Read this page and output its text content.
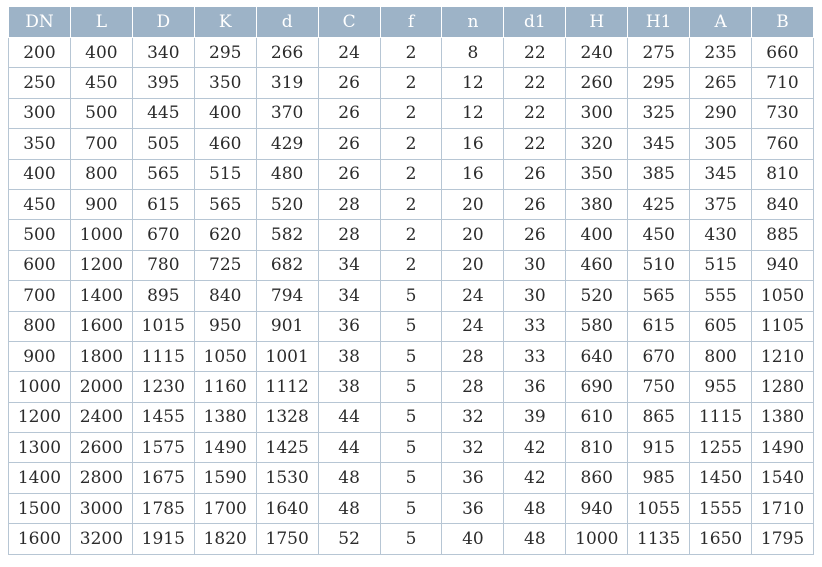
DN	L	D	K	d	C	f	n	d1	H	H1	A	B
200	400	340	295	266	24	2	8	22	240	275	235	660
250	450	395	350	319	26	2	12	22	260	295	265	710
300	500	445	400	370	26	2	12	22	300	325	290	730
350	700	505	460	429	26	2	16	22	320	345	305	760
400	800	565	515	480	26	2	16	26	350	385	345	810
450	900	615	565	520	28	2	20	26	380	425	375	840
500	1000	670	620	582	28	2	20	26	400	450	430	885
600	1200	780	725	682	34	2	20	30	460	510	515	940
700	1400	895	840	794	34	5	24	30	520	565	555	1050
800	1600	1015	950	901	36	5	24	33	580	615	605	1105
900	1800	1115	1050	1001	38	5	28	33	640	670	800	1210
1000	2000	1230	1160	1112	38	5	28	36	690	750	955	1280
1200	2400	1455	1380	1328	44	5	32	39	610	865	1115	1380
1300	2600	1575	1490	1425	44	5	32	42	810	915	1255	1490
1400	2800	1675	1590	1530	48	5	36	42	860	985	1450	1540
1500	3000	1785	1700	1640	48	5	36	48	940	1055	1555	1710
1600	3200	1915	1820	1750	52	5	40	48	1000	1135	1650	1795
